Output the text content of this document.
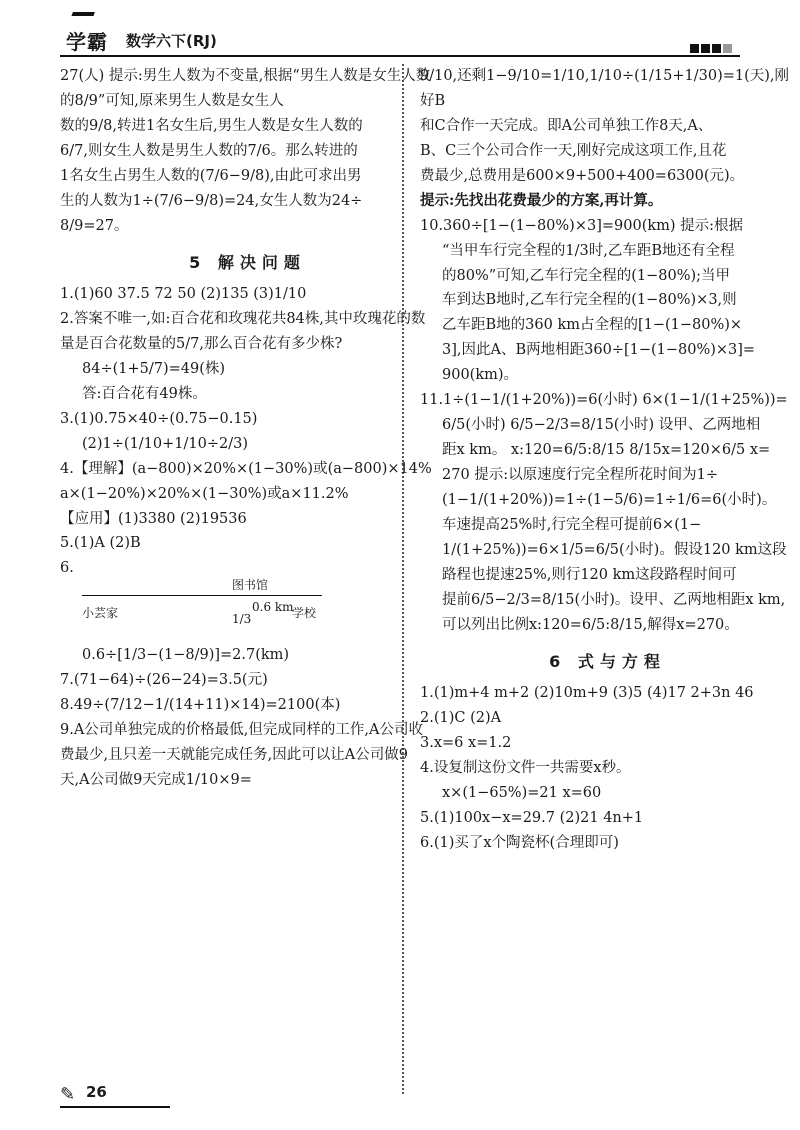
学霸 数学六下(RJ)

27(人) 提示:男生人数为不变量,根据“男生人数是女生人数的8/9”可知,原来男生人数是女生人

数的9/8,转进1名女生后,男生人数是女生人数的

6/7,则女生人数是男生人数的7/6。那么转进的

1名女生占男生人数的(7/6−9/8),由此可求出男

生的人数为1÷(7/6−9/8)=24,女生人数为24÷

8/9=27。

5 解决问题

1.(1)60 37.5 72 50 (2)135 (3)1/10

2.答案不唯一,如:百合花和玫瑰花共84株,其中玫瑰花的数量是百合花数量的5/7,那么百合花有多少株?

84÷(1+5/7)=49(株)

答:百合花有49株。

3.(1)0.75×40÷(0.75−0.15)

(2)1÷(1/10+1/10÷2/3)

4.【理解】(a−800)×20%×(1−30%)或(a−800)×14% a×(1−20%)×20%×(1−30%)或a×11.2%

【应用】(1)3380 (2)19536

5.(1)A (2)B

6.

小芸家
图书馆
学校
1/3
0.6 km

0.6÷[1/3−(1−8/9)]=2.7(km)

7.(71−64)÷(26−24)=3.5(元)

8.49÷(7/12−1/(14+11)×14)=2100(本)

9.A公司单独完成的价格最低,但完成同样的工作,A公司收费最少,且只差一天就能完成任务,因此可以让A公司做9天,A公司做9天完成1/10×9=

9/10,还剩1−9/10=1/10,1/10÷(1/15+1/30)=1(天),刚好B

和C合作一天完成。即A公司单独工作8天,A、

B、C三个公司合作一天,刚好完成这项工作,且花

费最少,总费用是600×9+500+400=6300(元)。

提示:先找出花费最少的方案,再计算。

10.360÷[1−(1−80%)×3]=900(km) 提示:根据

“当甲车行完全程的1/3时,乙车距B地还有全程

的80%”可知,乙车行完全程的(1−80%);当甲

车到达B地时,乙车行完全程的(1−80%)×3,则

乙车距B地的360 km占全程的[1−(1−80%)×

3],因此A、B两地相距360÷[1−(1−80%)×3]=

900(km)。

11.1÷(1−1/(1+20%))=6(小时) 6×(1−1/(1+25%))=

6/5(小时) 6/5−2/3=8/15(小时) 设甲、乙两地相

距x km。 x:120=6/5:8/15 8/15x=120×6/5 x=

270 提示:以原速度行完全程所花时间为1÷

(1−1/(1+20%))=1÷(1−5/6)=1÷1/6=6(小时)。

车速提高25%时,行完全程可提前6×(1−

1/(1+25%))=6×1/5=6/5(小时)。假设120 km这段

路程也提速25%,则行120 km这段路程时间可

提前6/5−2/3=8/15(小时)。设甲、乙两地相距x km,

可以列出比例x:120=6/5:8/15,解得x=270。

6 式与方程

1.(1)m+4 m+2 (2)10m+9 (3)5 (4)17 2+3n 46

2.(1)C (2)A

3.x=6 x=1.2

4.设复制这份文件一共需要x秒。

x×(1−65%)=21 x=60

5.(1)100x−x=29.7 (2)21 4n+1

6.(1)买了x个陶瓷杯(合理即可)

✎ 26
